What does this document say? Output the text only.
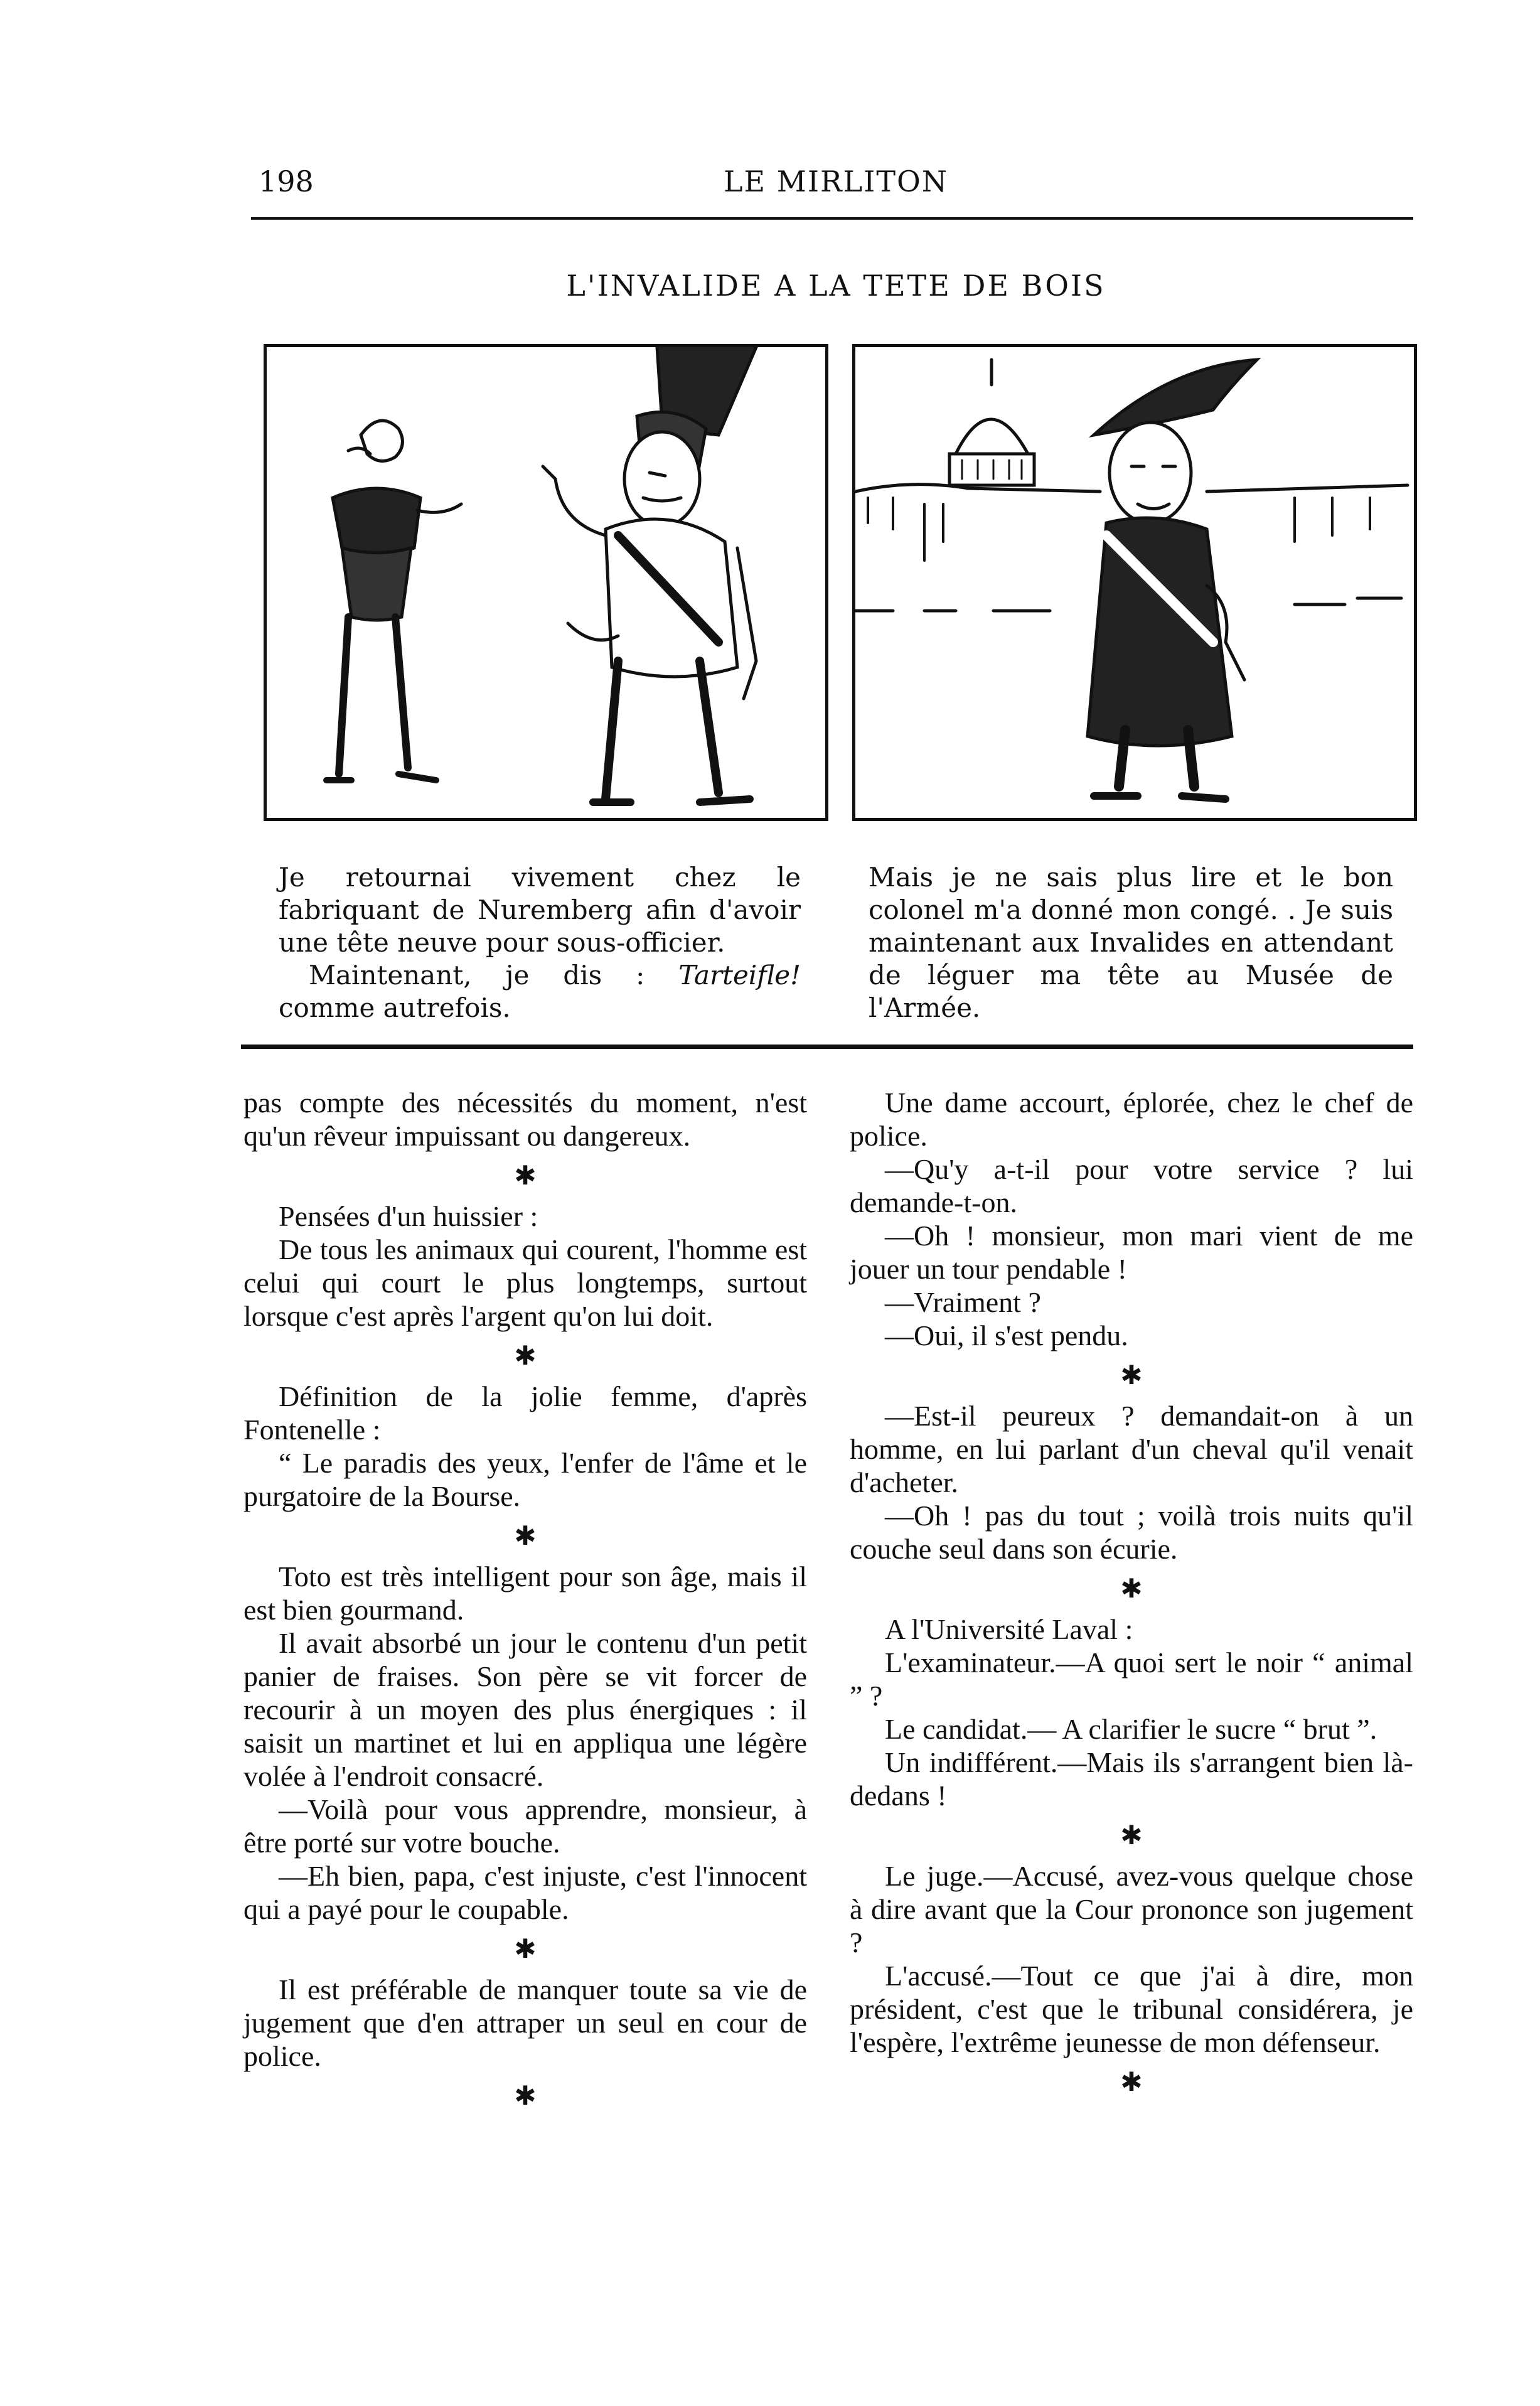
198	LE MIRLITON
L'INVALIDE A LA TETE DE BOIS

Je retournai vivement chez le fabriquant de Nuremberg afin d'avoir une tête neuve pour sous-officier.

Maintenant, je dis : Tarteifle! comme autrefois.

Mais je ne sais plus lire et le bon colonel m'a donné mon congé. . Je suis maintenant aux Invalides en attendant de léguer ma tête au Musée de l'Armée.

pas compte des nécessités du moment, n'est qu'un rêveur impuissant ou dangereux.

✱

Pensées d'un huissier :

De tous les animaux qui courent, l'homme est celui qui court le plus longtemps, surtout lorsque c'est après l'argent qu'on lui doit.

✱

Définition de la jolie femme, d'après Fontenelle :

“ Le paradis des yeux, l'enfer de l'âme et le purgatoire de la Bourse.

✱

Toto est très intelligent pour son âge, mais il est bien gourmand.

Il avait absorbé un jour le contenu d'un petit panier de fraises. Son père se vit forcer de recourir à un moyen des plus énergiques : il saisit un martinet et lui en appliqua une légère volée à l'endroit consacré.

—Voilà pour vous apprendre, monsieur, à être porté sur votre bouche.

—Eh bien, papa, c'est injuste, c'est l'innocent qui a payé pour le coupable.

✱

Il est préférable de manquer toute sa vie de jugement que d'en attraper un seul en cour de police.

✱

Une dame accourt, éplorée, chez le chef de police.

—Qu'y a-t-il pour votre service ? lui demande-t-on.

—Oh ! monsieur, mon mari vient de me jouer un tour pendable !

—Vraiment ?

—Oui, il s'est pendu.

✱

—Est-il peureux ? demandait-on à un homme, en lui parlant d'un cheval qu'il venait d'acheter.

—Oh ! pas du tout ; voilà trois nuits qu'il couche seul dans son écurie.

✱

A l'Université Laval :

L'examinateur.—A quoi sert le noir “ animal ” ?

Le candidat.— A clarifier le sucre “ brut ”.

Un indifférent.—Mais ils s'arrangent bien là-dedans !

✱

Le juge.—Accusé, avez-vous quelque chose à dire avant que la Cour prononce son jugement ?

L'accusé.—Tout ce que j'ai à dire, mon président, c'est que le tribunal considérera, je l'espère, l'extrême jeunesse de mon défenseur.

✱
